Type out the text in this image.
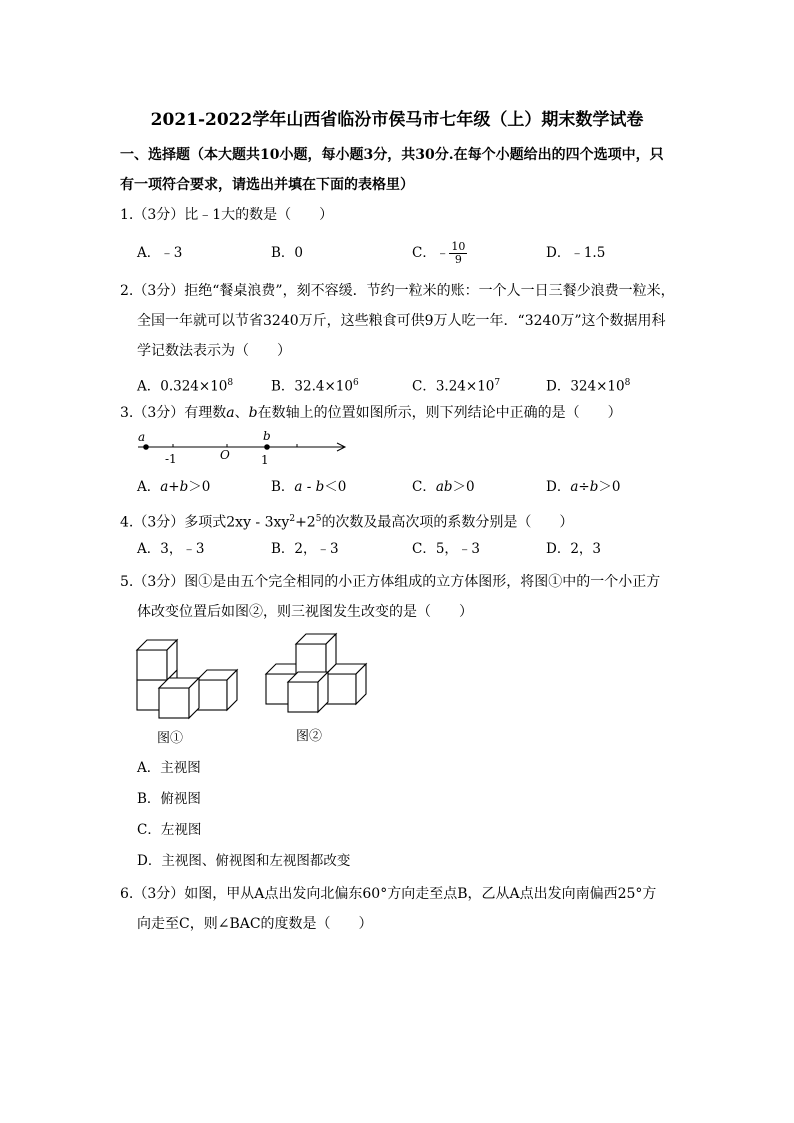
2021-2022学年山西省临汾市侯马市七年级（上）期末数学试卷
一、选择题（本大题共10小题，每小题3分，共30分.在每个小题给出的四个选项中，只
有一项符合要求，请选出并填在下面的表格里）
1.（3分）比﹣1大的数是（　　）
A．﹣3	B．0	C．﹣ $\frac{10}{9}$	D．﹣1.5
2.（3分）拒绝“餐桌浪费”，刻不容缓．节约一粒米的账：一个人一日三餐少浪费一粒米，
全国一年就可以节省3240万斤，这些粮食可供9万人吃一年．“3240万”这个数据用科
学记数法表示为（　　）
A．$0.324\times 10^8$	B．$32.4\times 10^6$	C．$3.24\times 10^7$	D．$324\times 10^8$
3.（3分）有理数a、b在数轴上的位置如图所示，则下列结论中正确的是（　　）
a	b
-1	O	1
A．a+b＞0	B．a - b＜0	C．ab＞0	D．a÷b＞0
4.（3分）多项式$2xy - 3xy^2+2^5$的次数及最高次项的系数分别是（　　）
A．3，﹣3	B．2，﹣3	C．5，﹣3	D．2，3
5.（3分）图①是由五个完全相同的小正方体组成的立方体图形，将图①中的一个小正方
体改变位置后如图②，则三视图发生改变的是（　　）
图①	图②
A．主视图
B．俯视图
C．左视图
D．主视图、俯视图和左视图都改变
6.（3分）如图，甲从A点出发向北偏东60°方向走至点B，乙从A点出发向南偏西25°方
向走至C，则∠BAC的度数是（　　）
